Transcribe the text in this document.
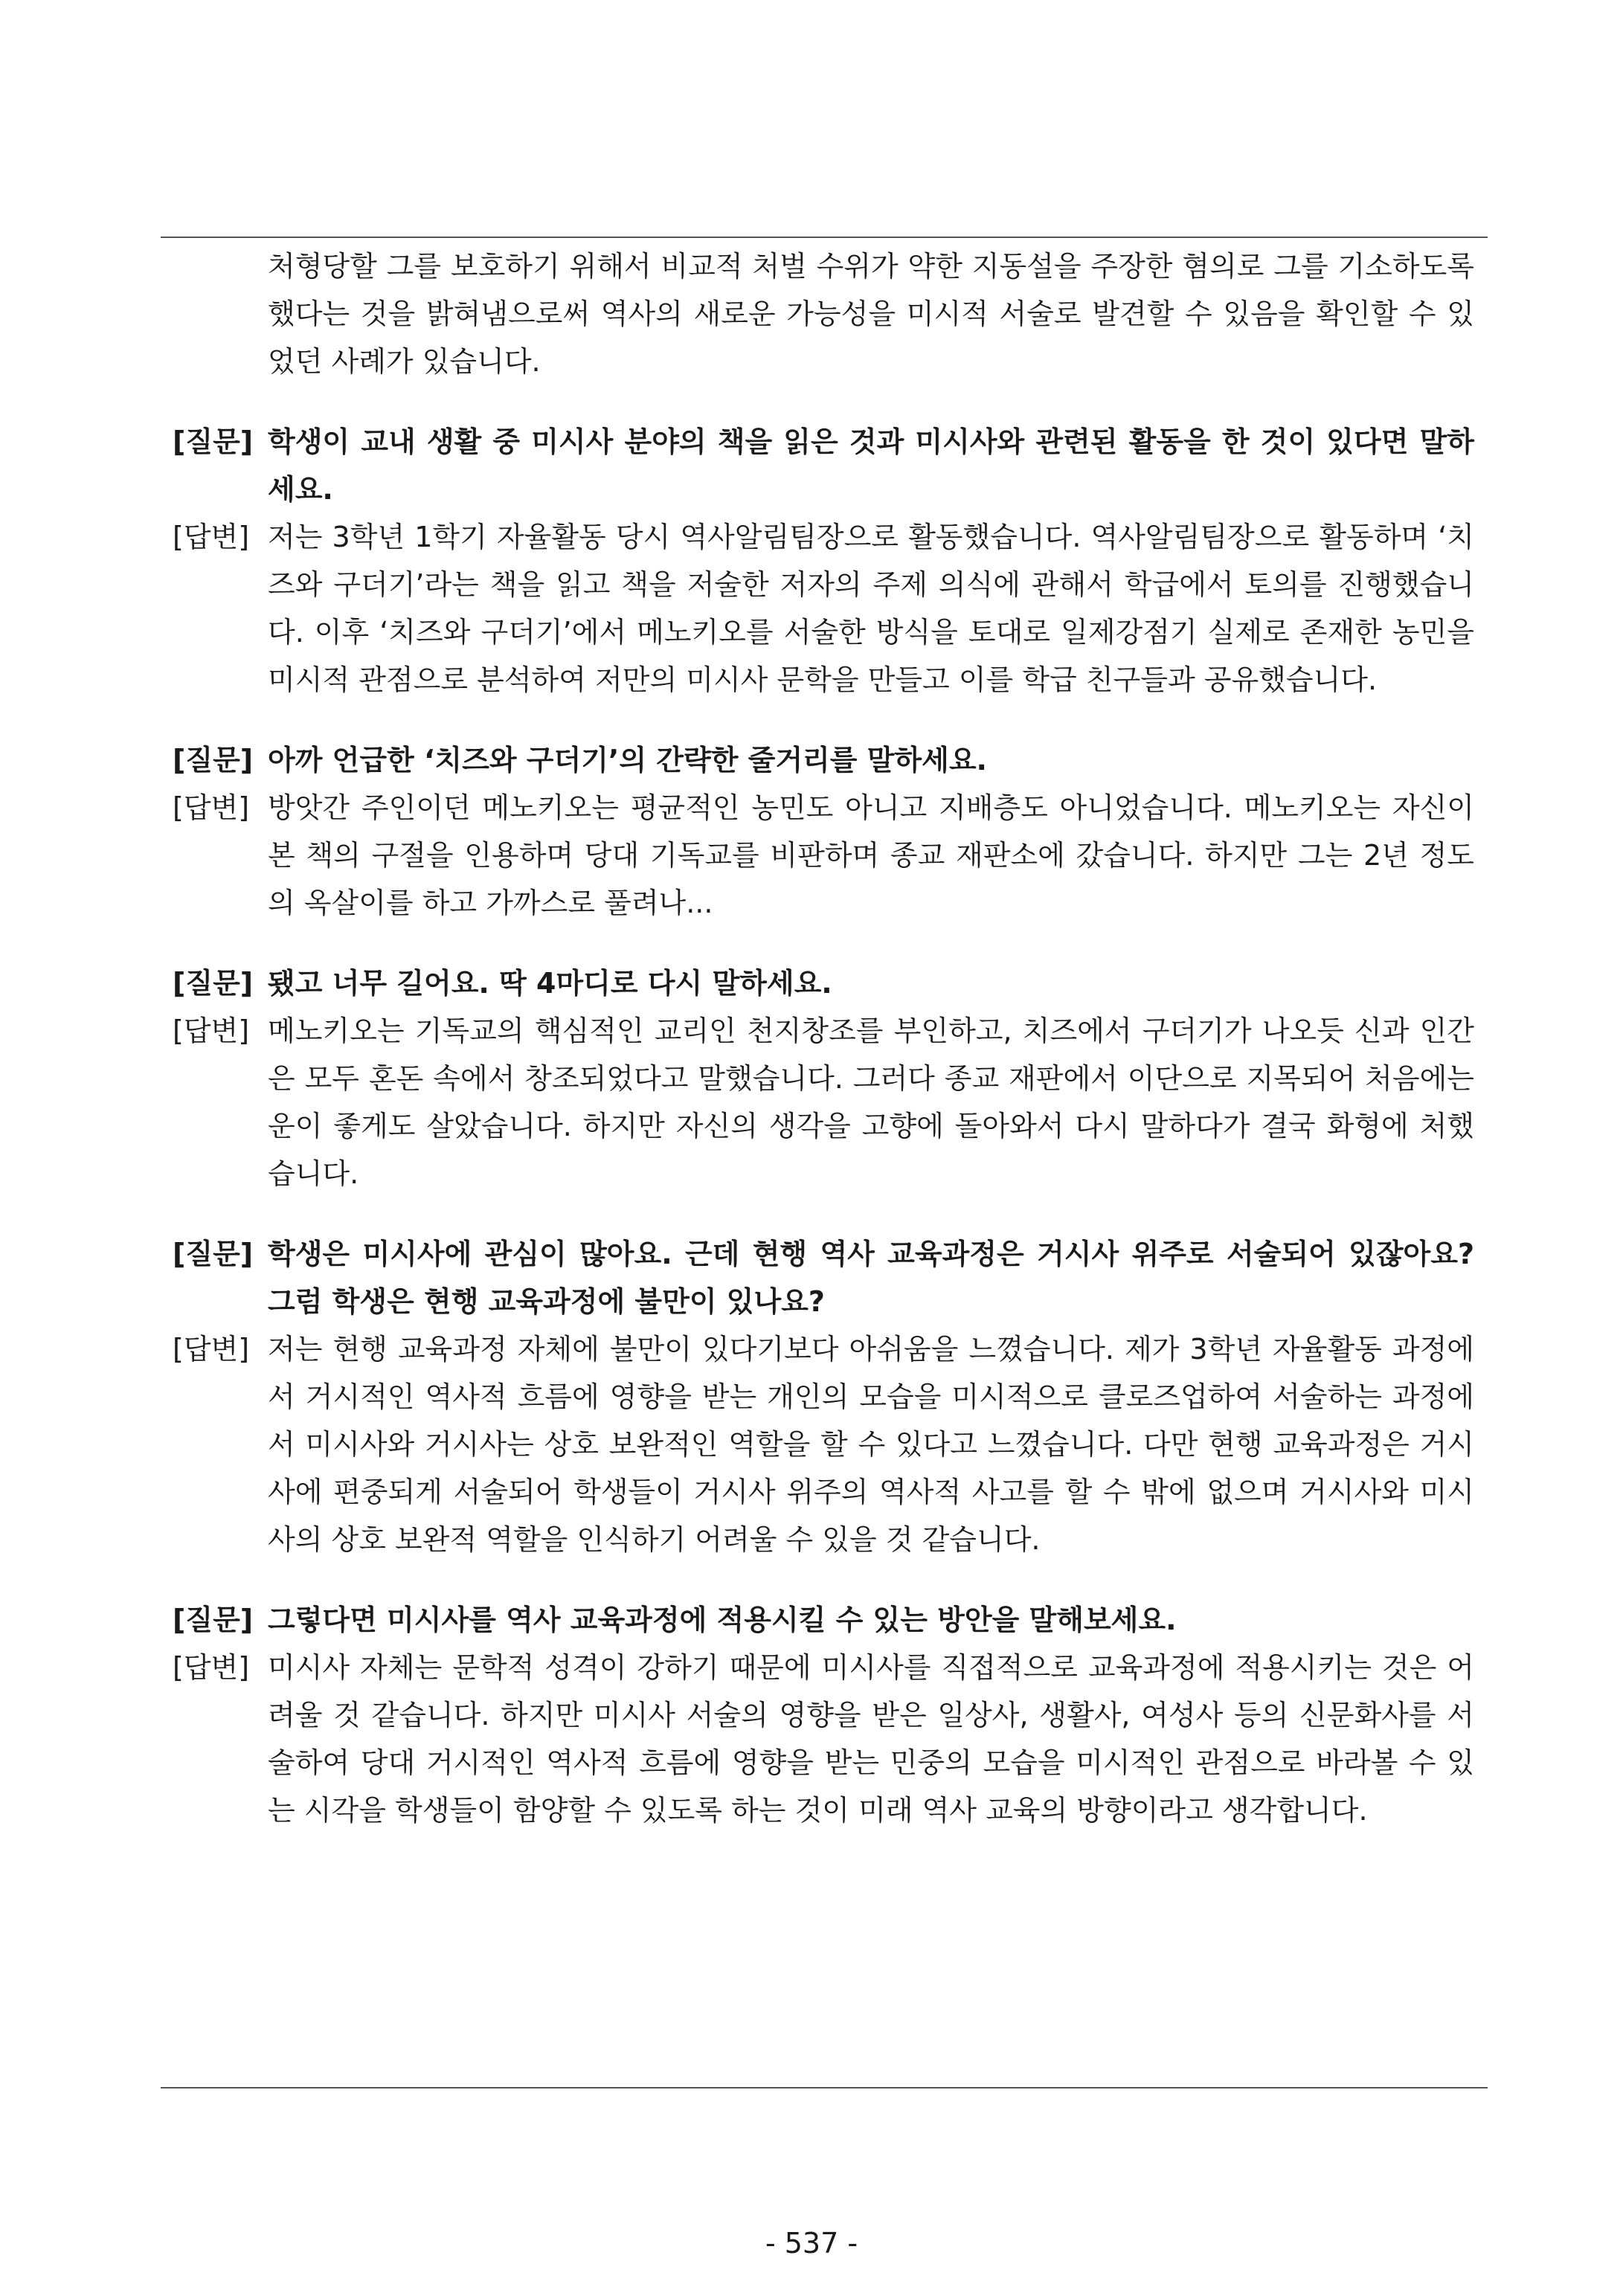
처형당할 그를 보호하기 위해서 비교적 처벌 수위가 약한 지동설을 주장한 혐의로 그를 기소하도록 했다는 것을 밝혀냄으로써 역사의 새로운 가능성을 미시적 서술로 발견할 수 있음을 확인할 수 있었던 사례가 있습니다.
[질문] 학생이 교내 생활 중 미시사 분야의 책을 읽은 것과 미시사와 관련된 활동을 한 것이 있다면 말하세요.
[답변] 저는 3학년 1학기 자율활동 당시 역사알림팀장으로 활동했습니다. 역사알림팀장으로 활동하며 ‘치즈와 구더기’라는 책을 읽고 책을 저술한 저자의 주제 의식에 관해서 학급에서 토의를 진행했습니다. 이후 ‘치즈와 구더기’에서 메노키오를 서술한 방식을 토대로 일제강점기 실제로 존재한 농민을 미시적 관점으로 분석하여 저만의 미시사 문학을 만들고 이를 학급 친구들과 공유했습니다.
[질문] 아까 언급한 ‘치즈와 구더기’의 간략한 줄거리를 말하세요.
[답변] 방앗간 주인이던 메노키오는 평균적인 농민도 아니고 지배층도 아니었습니다. 메노키오는 자신이 본 책의 구절을 인용하며 당대 기독교를 비판하며 종교 재판소에 갔습니다. 하지만 그는 2년 정도의 옥살이를 하고 가까스로 풀려나...
[질문] 됐고 너무 길어요. 딱 4마디로 다시 말하세요.
[답변] 메노키오는 기독교의 핵심적인 교리인 천지창조를 부인하고, 치즈에서 구더기가 나오듯 신과 인간은 모두 혼돈 속에서 창조되었다고 말했습니다. 그러다 종교 재판에서 이단으로 지목되어 처음에는 운이 좋게도 살았습니다. 하지만 자신의 생각을 고향에 돌아와서 다시 말하다가 결국 화형에 처했습니다.
[질문] 학생은 미시사에 관심이 많아요. 근데 현행 역사 교육과정은 거시사 위주로 서술되어 있잖아요? 그럼 학생은 현행 교육과정에 불만이 있나요?
[답변] 저는 현행 교육과정 자체에 불만이 있다기보다 아쉬움을 느꼈습니다. 제가 3학년 자율활동 과정에서 거시적인 역사적 흐름에 영향을 받는 개인의 모습을 미시적으로 클로즈업하여 서술하는 과정에서 미시사와 거시사는 상호 보완적인 역할을 할 수 있다고 느꼈습니다. 다만 현행 교육과정은 거시사에 편중되게 서술되어 학생들이 거시사 위주의 역사적 사고를 할 수 밖에 없으며 거시사와 미시사의 상호 보완적 역할을 인식하기 어려울 수 있을 것 같습니다.
[질문] 그렇다면 미시사를 역사 교육과정에 적용시킬 수 있는 방안을 말해보세요.
[답변] 미시사 자체는 문학적 성격이 강하기 때문에 미시사를 직접적으로 교육과정에 적용시키는 것은 어려울 것 같습니다. 하지만 미시사 서술의 영향을 받은 일상사, 생활사, 여성사 등의 신문화사를 서술하여 당대 거시적인 역사적 흐름에 영향을 받는 민중의 모습을 미시적인 관점으로 바라볼 수 있는 시각을 학생들이 함양할 수 있도록 하는 것이 미래 역사 교육의 방향이라고 생각합니다.
- 537 -
